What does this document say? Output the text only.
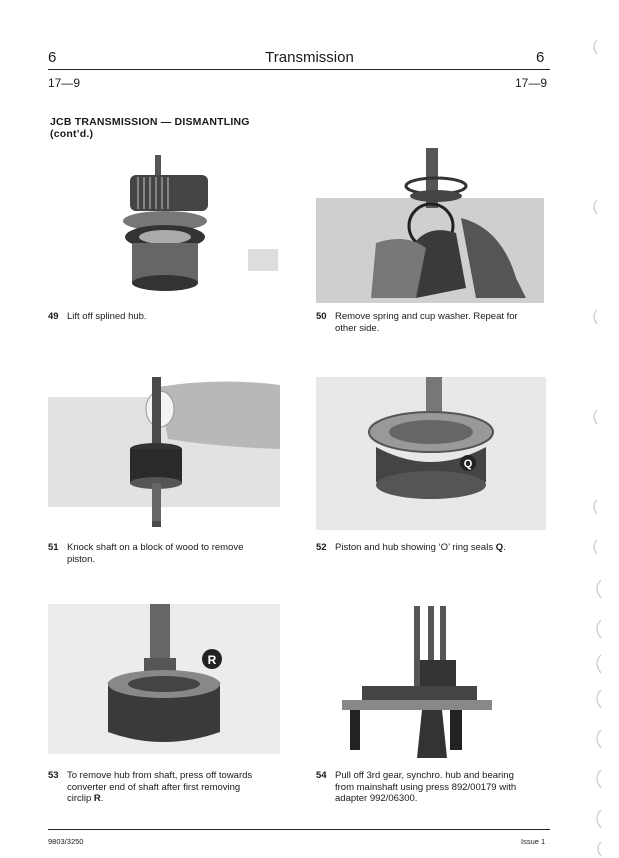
6	Transmission	6
17—9	17—9
JCB TRANSMISSION — DISMANTLING
(cont’d.)
49 Lift off splined hub.	50 Remove spring and cup washer. Repeat for
other side.
Q
51 Knock shaft on a block of wood to remove
piston.
52 Piston and hub showing ‘O’ ring seals Q.
R
53 To remove hub from shaft, press off towards
converter end of shaft after first removing
circlip R.
54 Pull off 3rd gear, synchro. hub and bearing
from mainshaft using press 892/00179 with
adapter 992/06300.
9803/3250	Issue 1
